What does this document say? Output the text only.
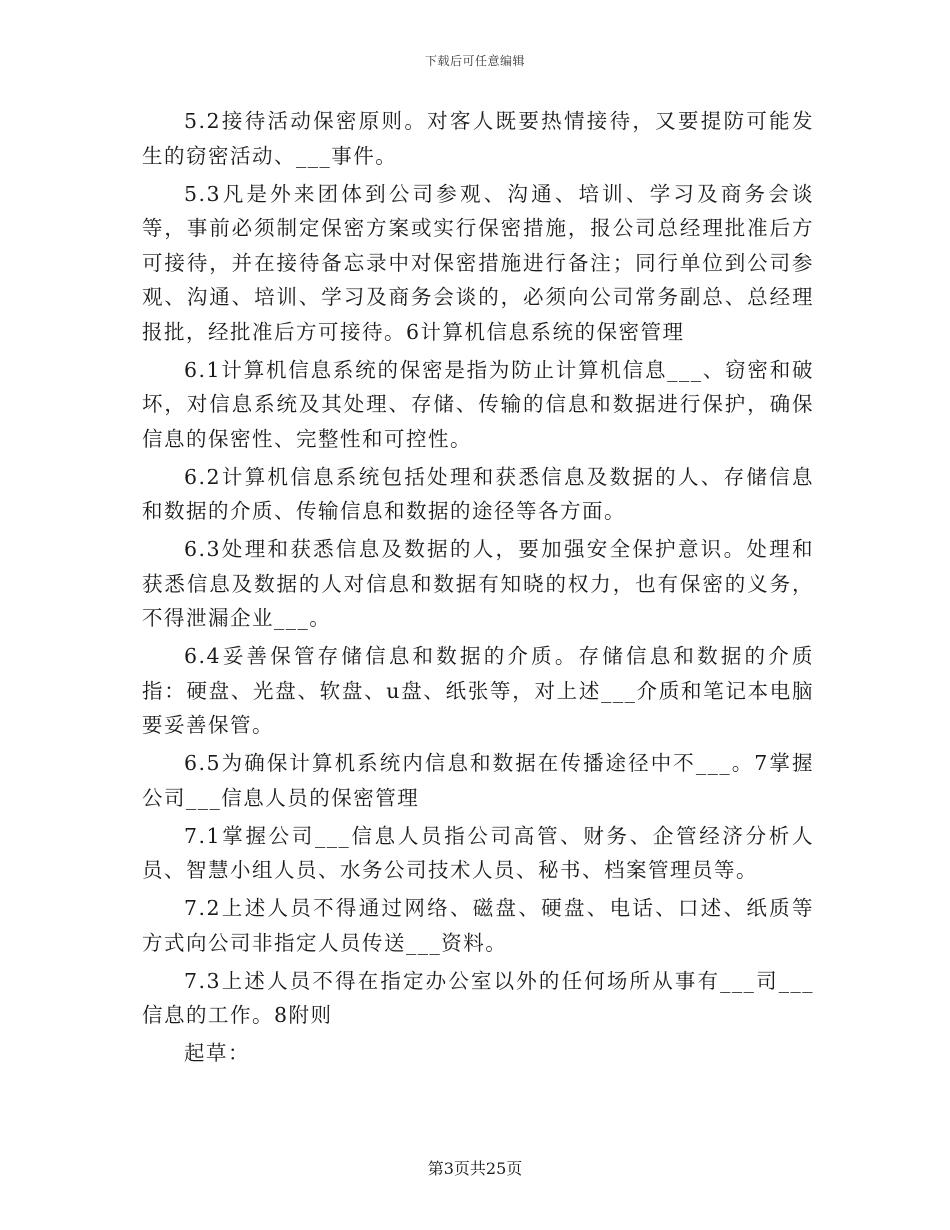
下载后可任意编辑

5.2接待活动保密原则。对客人既要热情接待，又要提防可能发生的窃密活动、___事件。

5.3凡是外来团体到公司参观、沟通、培训、学习及商务会谈等，事前必须制定保密方案或实行保密措施，报公司总经理批准后方可接待，并在接待备忘录中对保密措施进行备注；同行单位到公司参观、沟通、培训、学习及商务会谈的，必须向公司常务副总、总经理报批，经批准后方可接待。6计算机信息系统的保密管理

6.1计算机信息系统的保密是指为防止计算机信息___、窃密和破坏，对信息系统及其处理、存储、传输的信息和数据进行保护，确保信息的保密性、完整性和可控性。

6.2计算机信息系统包括处理和获悉信息及数据的人、存储信息和数据的介质、传输信息和数据的途径等各方面。

6.3处理和获悉信息及数据的人，要加强安全保护意识。处理和获悉信息及数据的人对信息和数据有知晓的权力，也有保密的义务，不得泄漏企业___。

6.4妥善保管存储信息和数据的介质。存储信息和数据的介质指：硬盘、光盘、软盘、u盘、纸张等，对上述___介质和笔记本电脑要妥善保管。

6.5为确保计算机系统内信息和数据在传播途径中不___。7掌握公司___信息人员的保密管理

7.1掌握公司___信息人员指公司高管、财务、企管经济分析人员、智慧小组人员、水务公司技术人员、秘书、档案管理员等。

7.2上述人员不得通过网络、磁盘、硬盘、电话、口述、纸质等方式向公司非指定人员传送___资料。

7.3上述人员不得在指定办公室以外的任何场所从事有___司___信息的工作。8附则

起草：

第3页共25页
